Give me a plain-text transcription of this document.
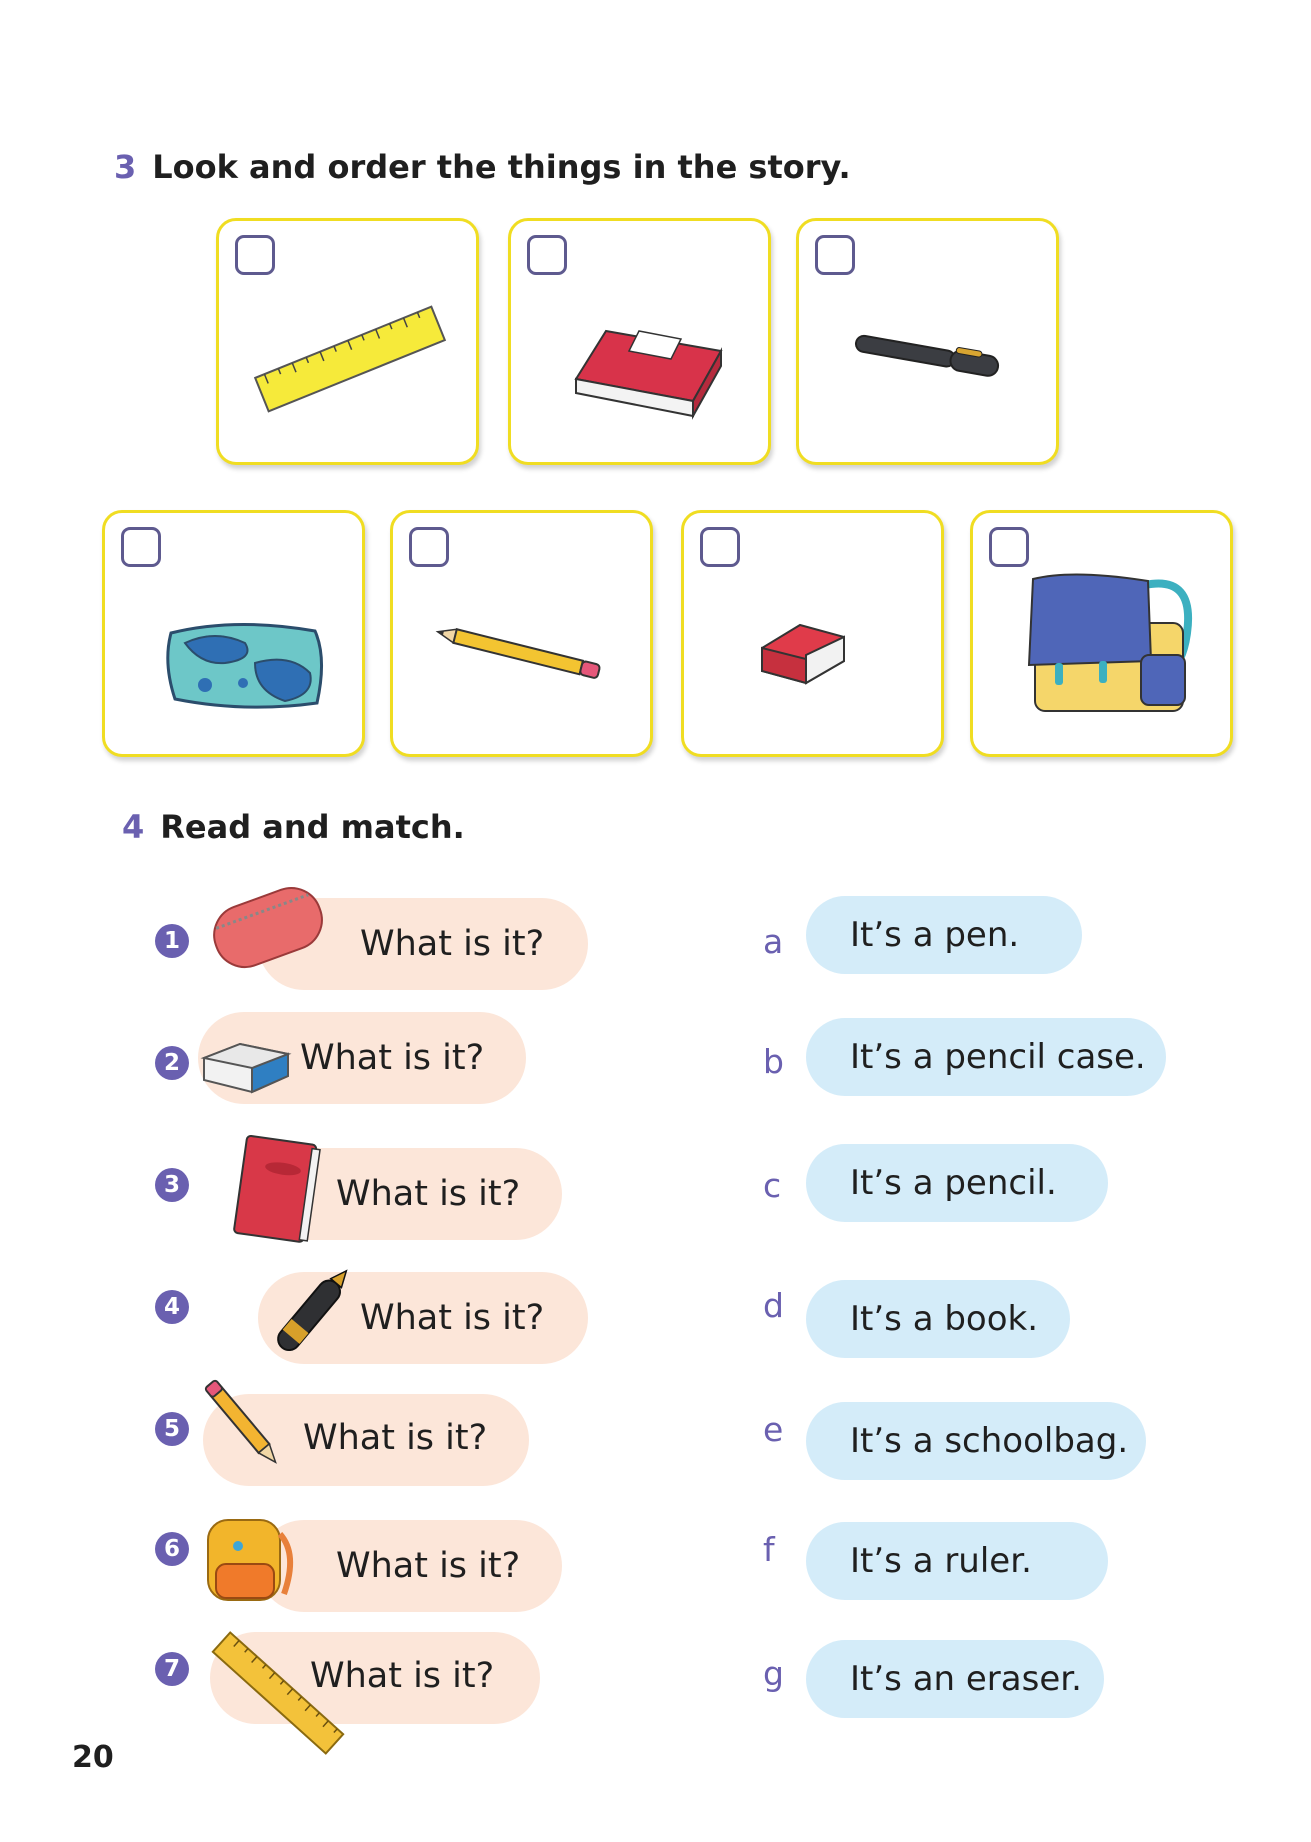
3 Look and order the things in the story.
4 Read and match.
1	What is it?
2	What is it?
3	What is it?
4	What is it?
5	What is it?
6	What is it?
7	What is it?
a It’s a pen.
b It’s a pencil case.
c It’s a pencil.
d It’s a book.
e It’s a schoolbag.
f It’s a ruler.
g It’s an eraser.
20
